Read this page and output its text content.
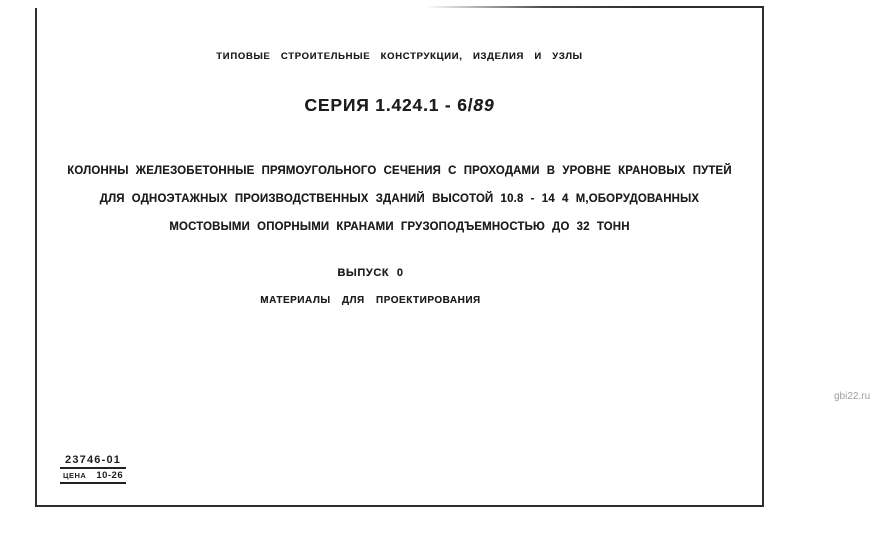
ТИПОВЫЕ СТРОИТЕЛЬНЫЕ КОНСТРУКЦИИ, ИЗДЕЛИЯ И УЗЛЫ
СЕРИЯ 1.424.1 - 6/89
КОЛОННЫ ЖЕЛЕЗОБЕТОННЫЕ ПРЯМОУГОЛЬНОГО СЕЧЕНИЯ С ПРОХОДАМИ В УРОВНЕ КРАНОВЫХ ПУТЕЙ
ДЛЯ ОДНОЭТАЖНЫХ ПРОИЗВОДСТВЕННЫХ ЗДАНИЙ ВЫСОТОЙ 10.8 - 14 4 М,ОБОРУДОВАННЫХ
МОСТОВЫМИ ОПОРНЫМИ КРАНАМИ ГРУЗОПОДЪЕМНОСТЬЮ ДО 32 ТОНН
ВЫПУСК 0
МАТЕРИАЛЫ ДЛЯ ПРОЕКТИРОВАНИЯ
23746-01
ЦЕНА 10-26
gbi22.ru
